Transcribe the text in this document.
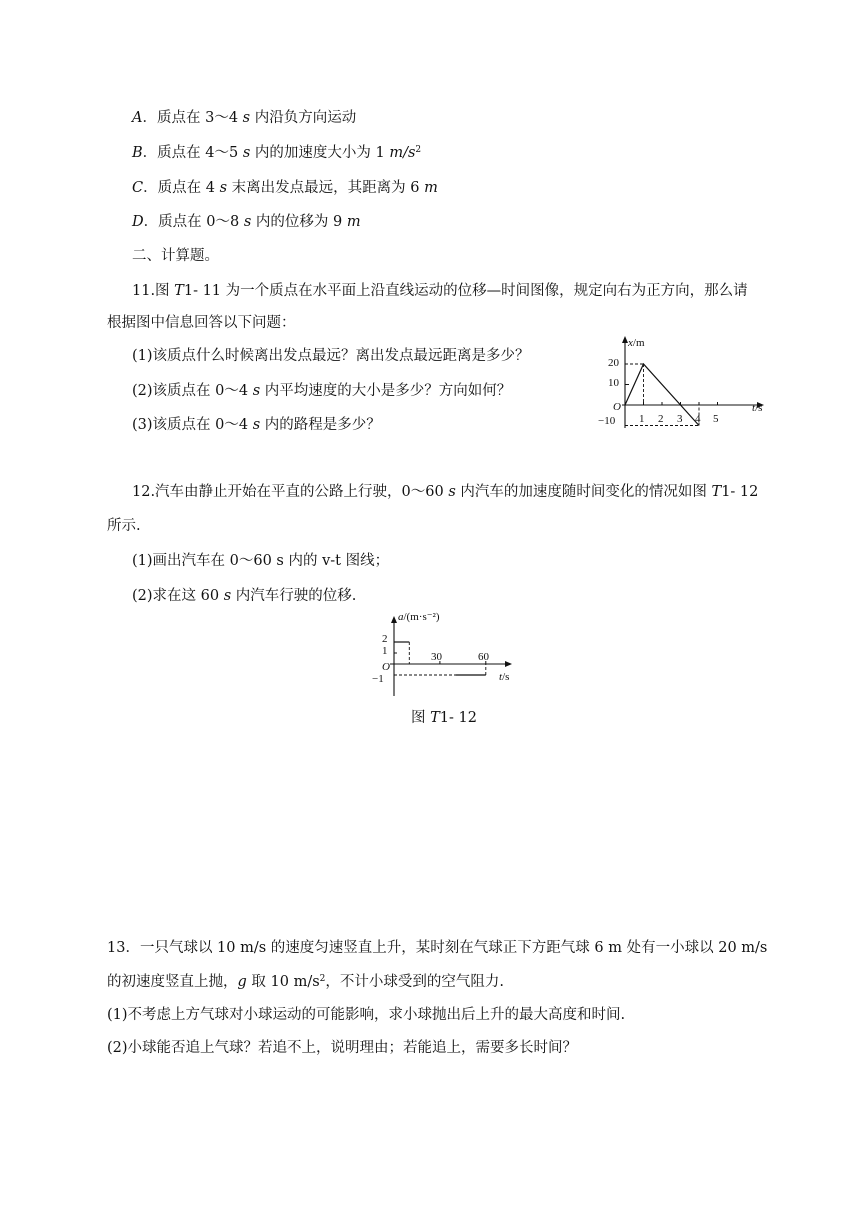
A．质点在 3～4 s 内沿负方向运动
B．质点在 4～5 s 内的加速度大小为 1 $m/s^2$
C．质点在 4 s 末离出发点最远，其距离为 6 m
D．质点在 0～8 s 内的位移为 9 m
二、计算题。
11.图 T1- 11 为一个质点在水平面上沿直线运动的位移—时间图像，规定向右为正方向，那么请
根据图中信息回答以下问题：
(1)该质点什么时候离出发点最远？离出发点最远距离是多少？
(2)该质点在 0～4 s 内平均速度的大小是多少？方向如何？
(3)该质点在 0～4 s 内的路程是多少？
x/m
t/s
O
20
10
−10 1 2 3 4 5
12.汽车由静止开始在平直的公路上行驶，0～60 s 内汽车的加速度随时间变化的情况如图 T1- 12
所示.
(1)画出汽车在 0～60 s 内的 v-t 图线；
(2)求在这 60 s 内汽车行驶的位移.
a/(m·s⁻²)
t/s
O
2
1
−1
30	60
图 T1- 12
13．一只气球以 10 m/s 的速度匀速竖直上升，某时刻在气球正下方距气球 6 m 处有一小球以 20 m/s
的初速度竖直上抛，g 取 10 $m/s^2$，不计小球受到的空气阻力.
(1)不考虑上方气球对小球运动的可能影响，求小球抛出后上升的最大高度和时间.
(2)小球能否追上气球？若追不上，说明理由；若能追上，需要多长时间？
